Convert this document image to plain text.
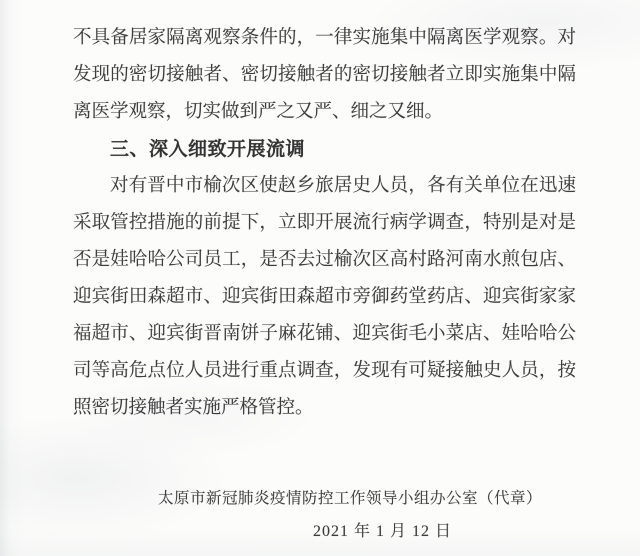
不具备居家隔离观察条件的，一律实施集中隔离医学观察。对发现的密切接触者、密切接触者的密切接触者立即实施集中隔离医学观察，切实做到严之又严、细之又细。

三、深入细致开展流调

对有晋中市榆次区使赵乡旅居史人员，各有关单位在迅速采取管控措施的前提下，立即开展流行病学调查，特别是对是否是娃哈哈公司员工，是否去过榆次区高村路河南水煎包店、迎宾街田森超市、迎宾街田森超市旁御药堂药店、迎宾街家家福超市、迎宾街晋南饼子麻花铺、迎宾街毛小菜店、娃哈哈公司等高危点位人员进行重点调查，发现有可疑接触史人员，按照密切接触者实施严格管控。

太原市新冠肺炎疫情防控工作领导小组办公室（代章）
2021 年 1 月 12 日
